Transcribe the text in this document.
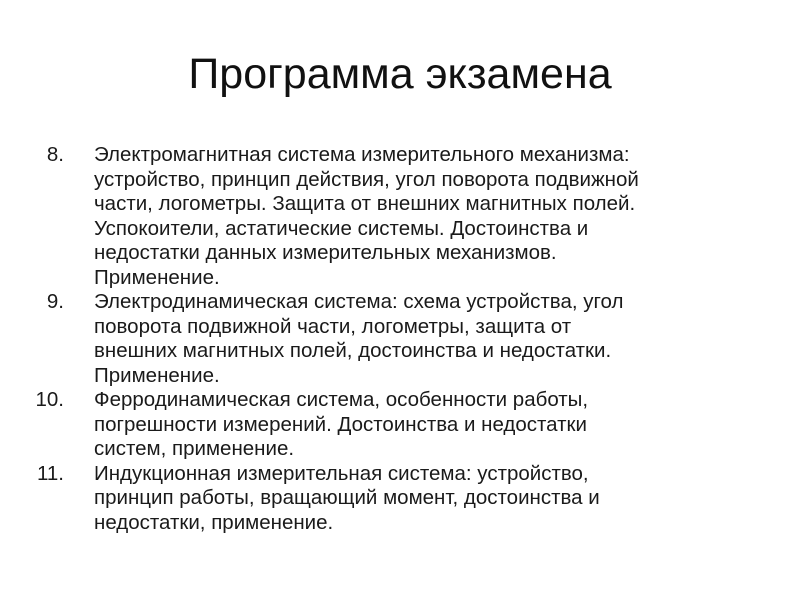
Программа экзамена
8. Электромагнитная система измерительного механизма:
устройство, принцип действия, угол поворота подвижной
части, логометры. Защита от внешних магнитных полей.
Успокоители, астатические системы. Достоинства и
недостатки данных измерительных механизмов.
Применение.
9. Электродинамическая система: схема устройства, угол
поворота подвижной части, логометры, защита от
внешних магнитных полей, достоинства и недостатки.
Применение.
10. Ферродинамическая система, особенности работы,
погрешности измерений. Достоинства и недостатки
систем, применение.
11. Индукционная измерительная система: устройство,
принцип работы, вращающий момент, достоинства и
недостатки, применение.
